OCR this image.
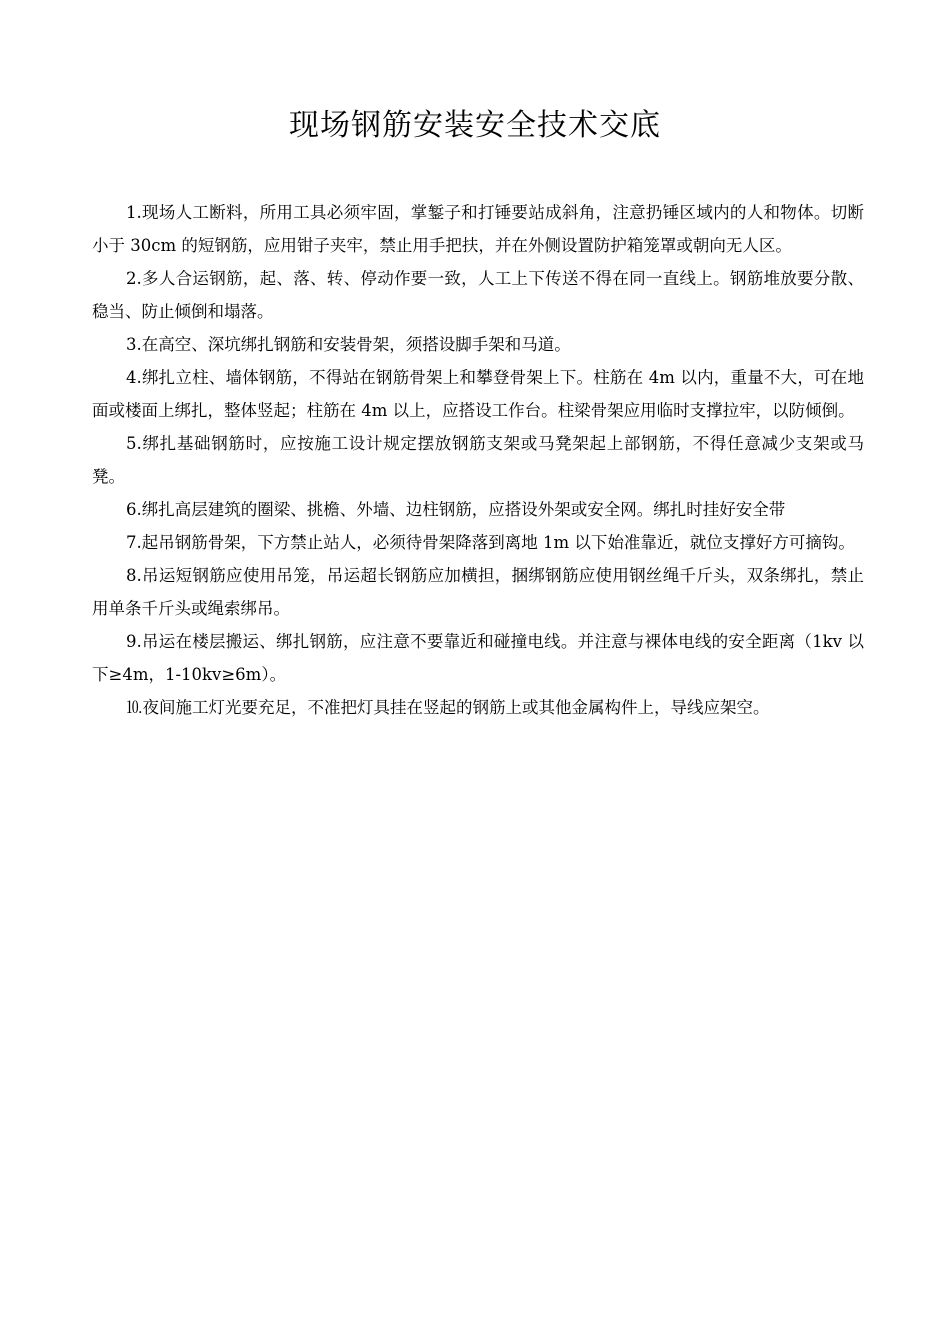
现场钢筋安装安全技术交底

1.现场人工断料，所用工具必须牢固，掌錾子和打锤要站成斜角，注意扔锤区域内的人和物体。切断小于 30cm 的短钢筋，应用钳子夹牢，禁止用手把扶，并在外侧设置防护箱笼罩或朝向无人区。

2.多人合运钢筋，起、落、转、停动作要一致，人工上下传送不得在同一直线上。钢筋堆放要分散、稳当、防止倾倒和塌落。

3.在高空、深坑绑扎钢筋和安装骨架，须搭设脚手架和马道。

4.绑扎立柱、墙体钢筋，不得站在钢筋骨架上和攀登骨架上下。柱筋在 4m 以内，重量不大，可在地面或楼面上绑扎，整体竖起；柱筋在 4m 以上，应搭设工作台。柱梁骨架应用临时支撑拉牢，以防倾倒。

5.绑扎基础钢筋时，应按施工设计规定摆放钢筋支架或马凳架起上部钢筋，不得任意减少支架或马凳。

6.绑扎高层建筑的圈梁、挑檐、外墙、边柱钢筋，应搭设外架或安全网。绑扎时挂好安全带

7.起吊钢筋骨架，下方禁止站人，必须待骨架降落到离地 1m 以下始准靠近，就位支撑好方可摘钩。

8.吊运短钢筋应使用吊笼，吊运超长钢筋应加横担，捆绑钢筋应使用钢丝绳千斤头，双条绑扎，禁止用单条千斤头或绳索绑吊。

9.吊运在楼层搬运、绑扎钢筋，应注意不要靠近和碰撞电线。并注意与裸体电线的安全距离（1kv 以下≥4m，1-10kv≥6m）。

⒑夜间施工灯光要充足，不准把灯具挂在竖起的钢筋上或其他金属构件上，导线应架空。
